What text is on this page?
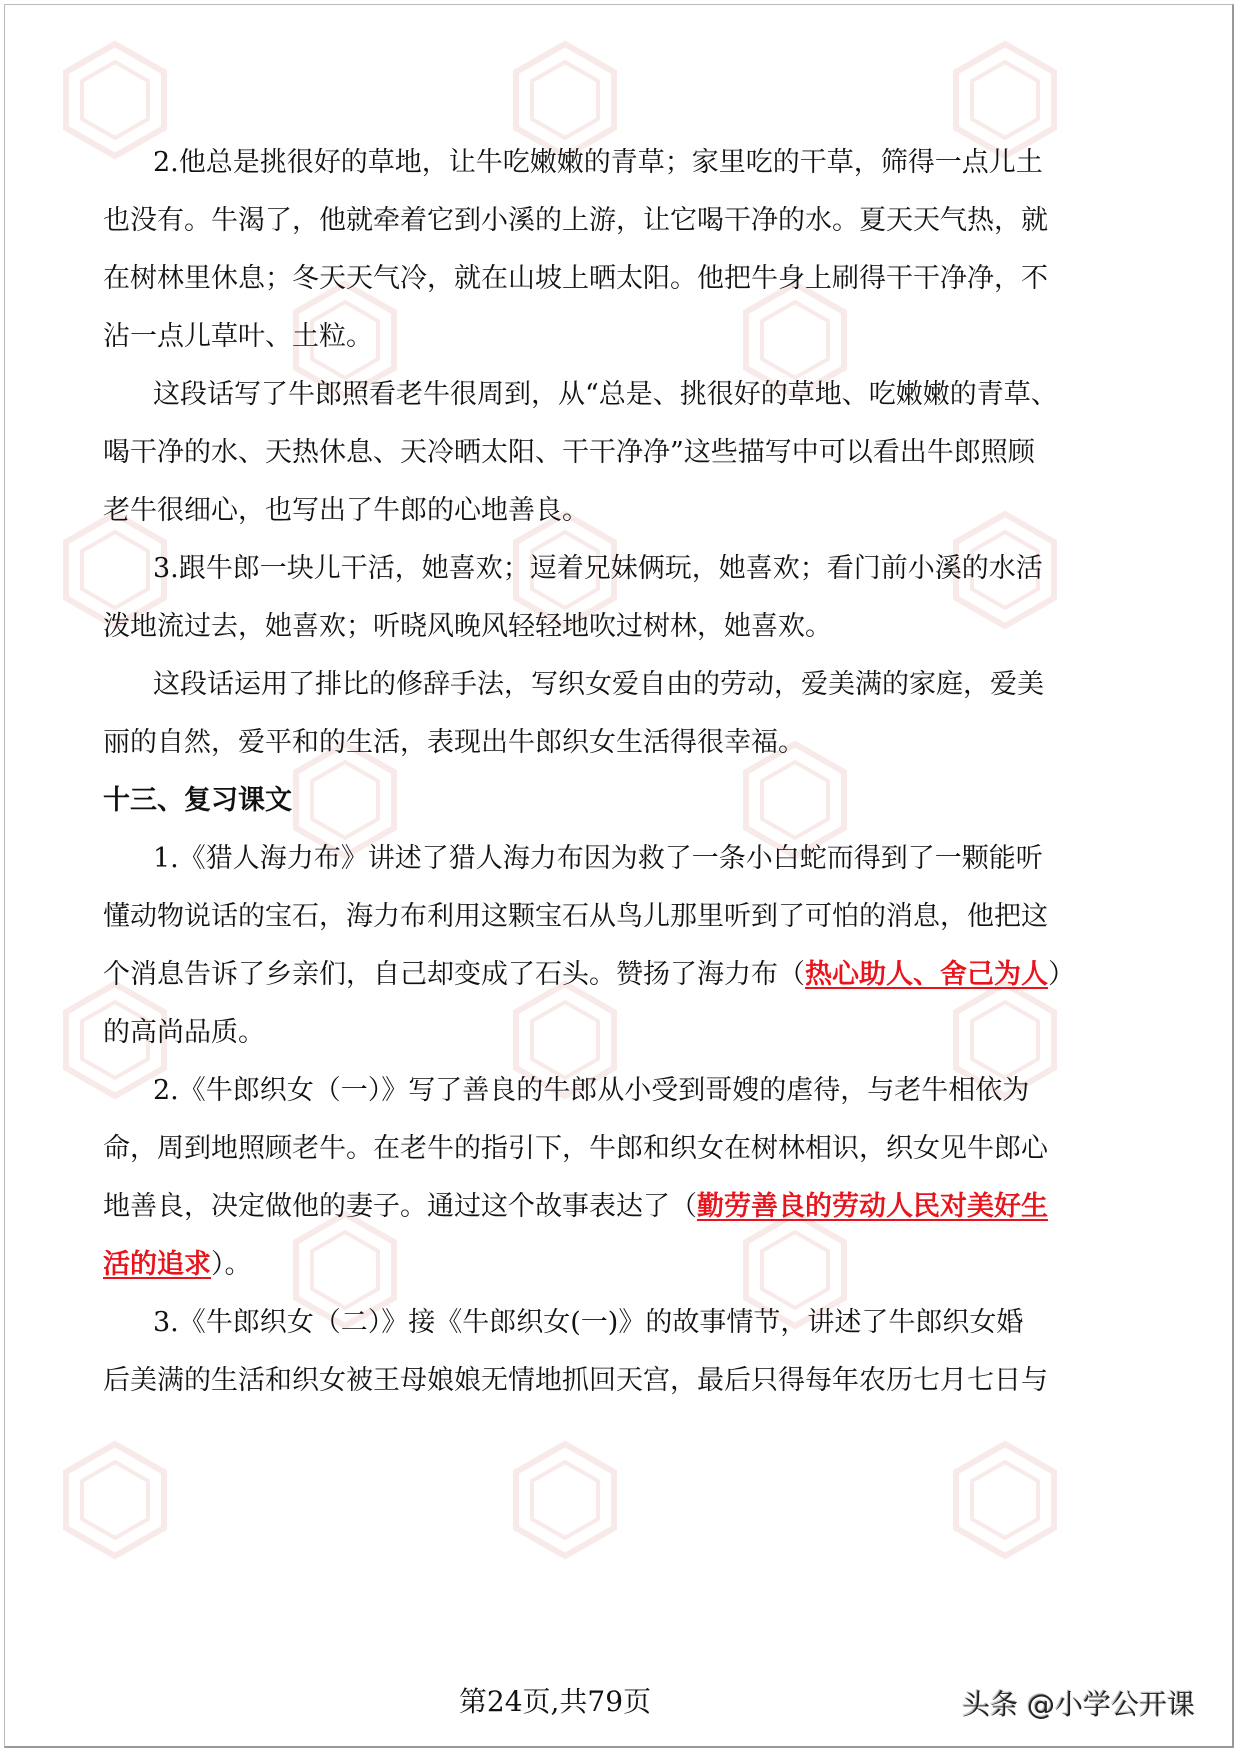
2.他总是挑很好的草地，让牛吃嫩嫩的青草；家里吃的干草，筛得一点儿土
也没有。牛渴了，他就牵着它到小溪的上游，让它喝干净的水。夏天天气热，就
在树林里休息；冬天天气冷，就在山坡上晒太阳。他把牛身上刷得干干净净，不
沾一点儿草叶、土粒。
这段话写了牛郎照看老牛很周到，从“总是、挑很好的草地、吃嫩嫩的青草、
喝干净的水、天热休息、天冷晒太阳、干干净净”这些描写中可以看出牛郎照顾
老牛很细心，也写出了牛郎的心地善良。
3.跟牛郎一块儿干活，她喜欢；逗着兄妹俩玩，她喜欢；看门前小溪的水活
泼地流过去，她喜欢；听晓风晚风轻轻地吹过树林，她喜欢。
这段话运用了排比的修辞手法，写织女爱自由的劳动，爱美满的家庭，爱美
丽的自然，爱平和的生活，表现出牛郎织女生活得很幸福。
十三、复习课文
1.《猎人海力布》讲述了猎人海力布因为救了一条小白蛇而得到了一颗能听
懂动物说话的宝石，海力布利用这颗宝石从鸟儿那里听到了可怕的消息，他把这
个消息告诉了乡亲们，自己却变成了石头。赞扬了海力布（热心助人、舍己为人）
的高尚品质。
2.《牛郎织女（一）》写了善良的牛郎从小受到哥嫂的虐待，与老牛相依为
命，周到地照顾老牛。在老牛的指引下，牛郎和织女在树林相识，织女见牛郎心
地善良，决定做他的妻子。通过这个故事表达了（勤劳善良的劳动人民对美好生
活的追求）。
3.《牛郎织女（二）》接《牛郎织女(一)》的故事情节，讲述了牛郎织女婚
后美满的生活和织女被王母娘娘无情地抓回天宫，最后只得每年农历七月七日与
第24页,共79页	头条 @小学公开课
